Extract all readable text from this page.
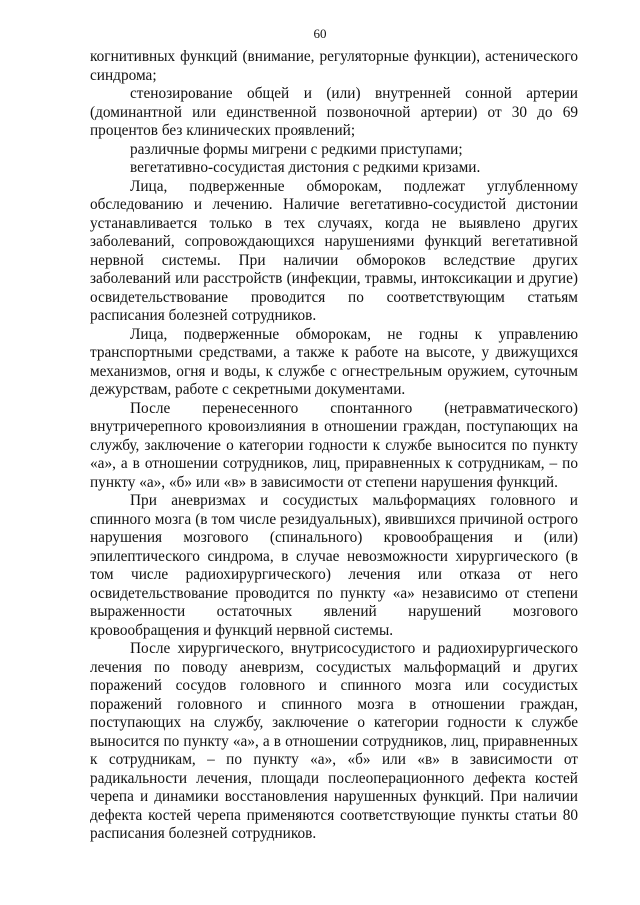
60

когнитивных функций (внимание, регуляторные функции), астенического синдрома;

стенозирование общей и (или) внутренней сонной артерии (доминантной или единственной позвоночной артерии) от 30 до 69 процентов без клинических проявлений;

различные формы мигрени с редкими приступами;

вегетативно-сосудистая дистония с редкими кризами.

Лица, подверженные обморокам, подлежат углубленному обследованию и лечению. Наличие вегетативно-сосудистой дистонии устанавливается только в тех случаях, когда не выявлено других заболеваний, сопровождающихся нарушениями функций вегетативной нервной системы. При наличии обмороков вследствие других заболеваний или расстройств (инфекции, травмы, интоксикации и другие) освидетельствование проводится по соответствующим статьям расписания болезней сотрудников.

Лица, подверженные обморокам, не годны к управлению транспортными средствами, а также к работе на высоте, у движущихся механизмов, огня и воды, к службе с огнестрельным оружием, суточным дежурствам, работе с секретными документами.

После перенесенного спонтанного (нетравматического) внутричерепного кровоизлияния в отношении граждан, поступающих на службу, заключение о категории годности к службе выносится по пункту «а», а в отношении сотрудников, лиц, приравненных к сотрудникам, – по пункту «а», «б» или «в» в зависимости от степени нарушения функций.

При аневризмах и сосудистых мальформациях головного и спинного мозга (в том числе резидуальных), явившихся причиной острого нарушения мозгового (спинального) кровообращения и (или) эпилептического синдрома, в случае невозможности хирургического (в том числе радиохирургического) лечения или отказа от него освидетельствование проводится по пункту «а» независимо от степени выраженности остаточных явлений нарушений мозгового кровообращения и функций нервной системы.

После хирургического, внутрисосудистого и радиохирургического лечения по поводу аневризм, сосудистых мальформаций и других поражений сосудов головного и спинного мозга или сосудистых поражений головного и спинного мозга в отношении граждан, поступающих на службу, заключение о категории годности к службе выносится по пункту «а», а в отношении сотрудников, лиц, приравненных к сотрудникам, – по пункту «а», «б» или «в» в зависимости от радикальности лечения, площади послеоперационного дефекта костей черепа и динамики восстановления нарушенных функций. При наличии дефекта костей черепа применяются соответствующие пункты статьи 80 расписания болезней сотрудников.
